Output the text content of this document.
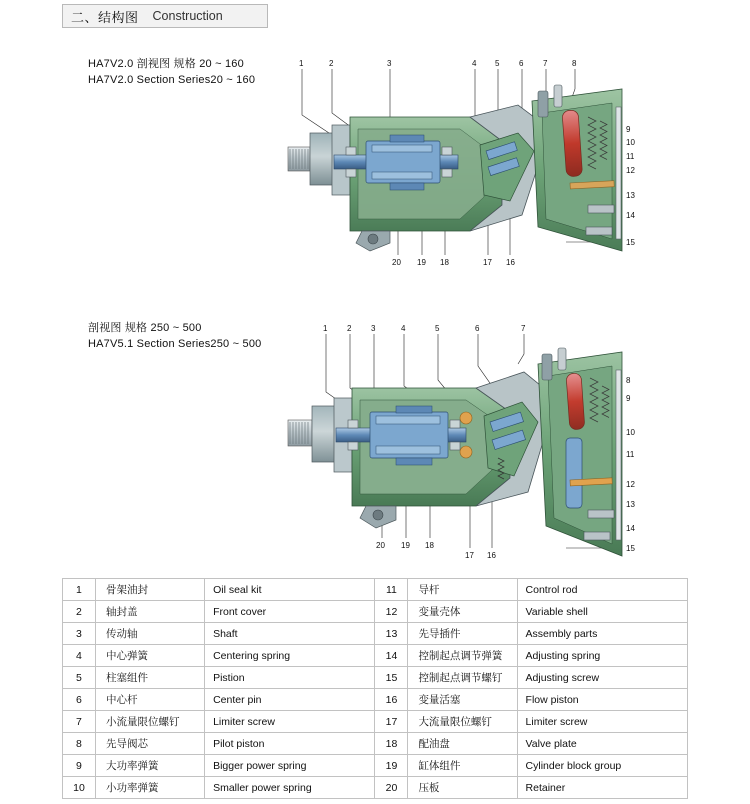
二、结构图 Construction
HA7V2.0 剖视图 规格 20 ~ 160
HA7V2.0 Section Series20 ~ 160
1	2	3	4 5 6 7	8
9
10
11
12
13
14
15
20 19 18	17 16
剖视图 规格 250 ~ 500
HA7V5.1 Section Series250 ~ 500
1 2 3	4	5	6	7
8
9
10
11
12
13
14
15
20 19 18
17 16
1	骨架油封	Oil seal kit	11	导杆	Control rod
2	轴封盖	Front cover	12	变量壳体	Variable shell
3	传动轴	Shaft	13	先导插件	Assembly parts
4	中心弹簧	Centering spring	14	控制起点调节弹簧	Adjusting spring
5	柱塞组件	Pistion	15	控制起点调节螺钉	Adjusting screw
6	中心杆	Center pin	16	变量活塞	Flow piston
7	小流量限位螺钉	Limiter screw	17	大流量限位螺钉	Limiter screw
8	先导阀芯	Pilot piston	18	配油盘	Valve plate
9	大功率弹簧	Bigger power spring	19	缸体组件	Cylinder block group
10	小功率弹簧	Smaller power spring	20	压板	Retainer
